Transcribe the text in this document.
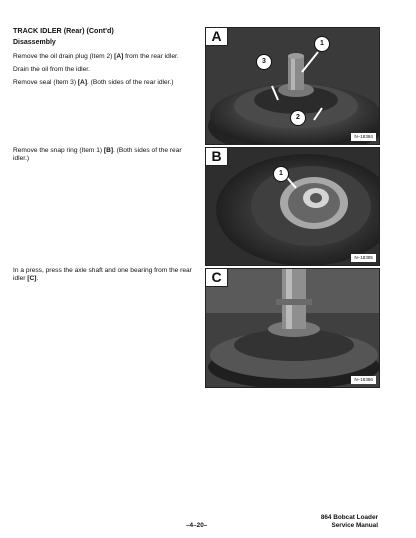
TRACK IDLER (Rear) (Cont'd)
Disassembly
Remove the oil drain plug (Item 2) [A] from the rear idler.
Drain the oil from the idler.
Remove seal (Item 3) [A]. (Both sides of the rear idler.)
Remove the snap ring (Item 1) [B]. (Both sides of the rear idler.)
In a press, press the axle shaft and one bearing from the rear idler [C].
A	1
3
2
N–18384
B
1
N–18385
C
N–18386
–4–20–
864 Bobcat Loader
Service Manual
